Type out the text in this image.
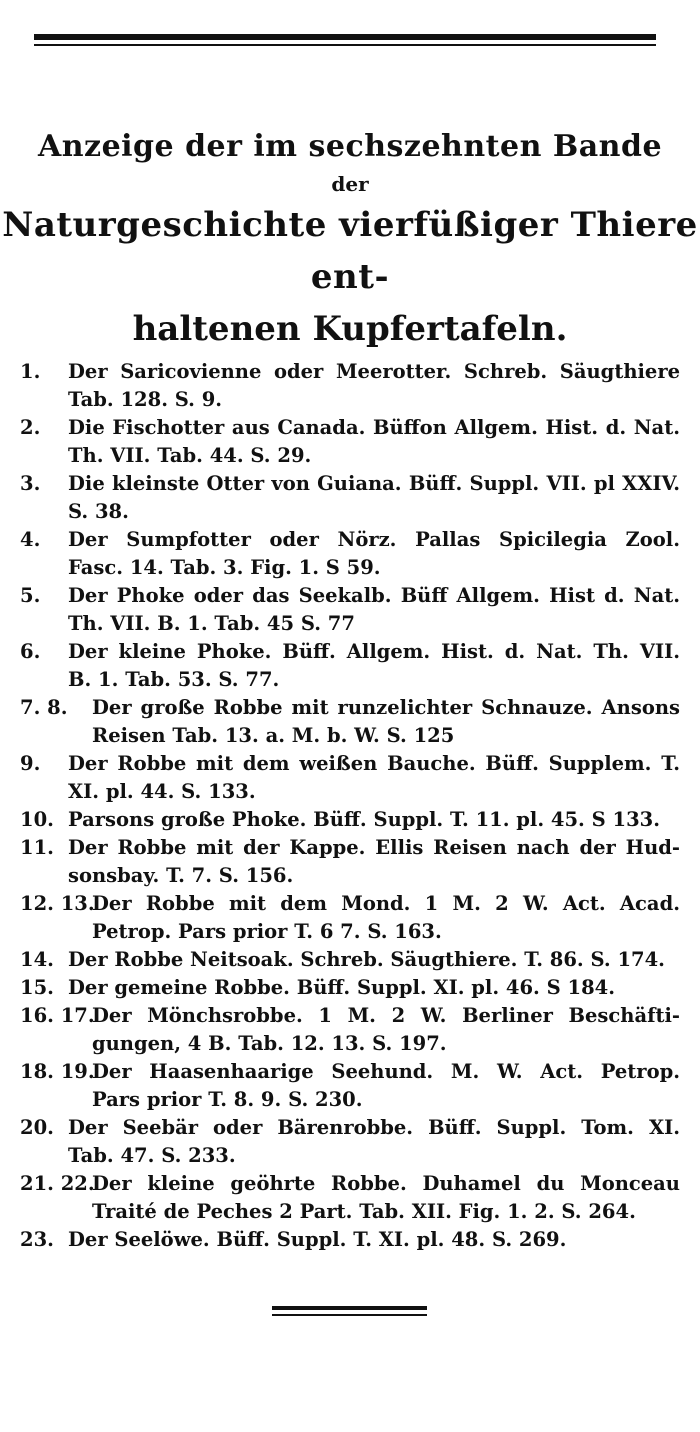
Anzeige der im sechszehnten Bande

der

Naturgeschichte vierfüßiger Thiere ent-

haltenen Kupfertafeln.

1.	Der Saricovienne oder Meerotter. Schreb. Säugthiere
Tab. 128. S. 9.
2.	Die Fischotter aus Canada. Büffon Allgem. Hist. d. Nat.
Th. VII. Tab. 44. S. 29.
3.	Die kleinste Otter von Guiana. Büff. Suppl. VII. pl XXIV.
S. 38.
4.	Der Sumpfotter oder Nörz. Pallas Spicilegia Zool.
Fasc. 14. Tab. 3. Fig. 1. S 59.
5.	Der Phoke oder das Seekalb. Büff Allgem. Hist d. Nat.
Th. VII. B. 1. Tab. 45 S. 77
6.	Der kleine Phoke. Büff. Allgem. Hist. d. Nat. Th. VII.
B. 1. Tab. 53. S. 77.
7. 8.	Der große Robbe mit runzelichter Schnauze. Ansons
Reisen Tab. 13. a. M. b. W. S. 125
9.	Der Robbe mit dem weißen Bauche. Büff. Supplem. T.
XI. pl. 44. S. 133.
10. Parsons große Phoke. Büff. Suppl. T. 11. pl. 45. S 133.
11. Der Robbe mit der Kappe. Ellis Reisen nach der Hud-
sonsbay. T. 7. S. 156.
12. 13.
Der Robbe mit dem Mond. 1 M. 2 W. Act. Acad.
Petrop. Pars prior T. 6 7. S. 163.
14. Der Robbe Neitsoak. Schreb. Säugthiere. T. 86. S. 174.
15. Der gemeine Robbe. Büff. Suppl. XI. pl. 46. S 184.
16. 17.
Der Mönchsrobbe. 1 M. 2 W. Berliner Beschäfti-
gungen, 4 B. Tab. 12. 13. S. 197.
18. 19.
Der Haasenhaarige Seehund. M. W. Act. Petrop.
Pars prior T. 8. 9. S. 230.
20. Der Seebär oder Bärenrobbe. Büff. Suppl. Tom. XI.
Tab. 47. S. 233.
21. 22.
Der kleine geöhrte Robbe. Duhamel du Monceau
Traité de Peches 2 Part. Tab. XII. Fig. 1. 2. S. 264.
23. Der Seelöwe. Büff. Suppl. T. XI. pl. 48. S. 269.
